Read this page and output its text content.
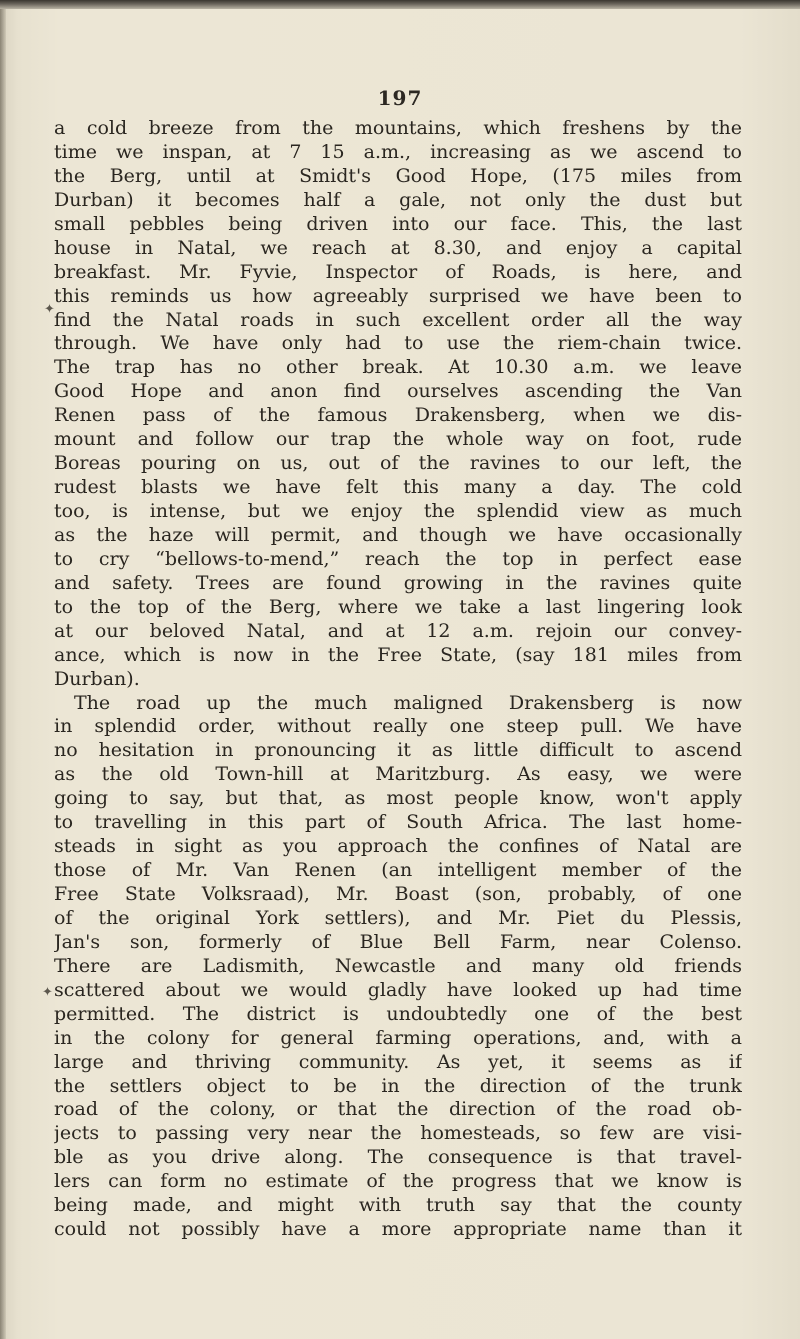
197
✦
✦
a cold breeze from the mountains, which freshens by the
time we inspan, at 7 15 a.m., increasing as we ascend to
the Berg, until at Smidt's Good Hope, (175 miles from
Durban) it becomes half a gale, not only the dust but
small pebbles being driven into our face. This, the last
house in Natal, we reach at 8.30, and enjoy a capital
breakfast. Mr. Fyvie, Inspector of Roads, is here, and
this reminds us how agreeably surprised we have been to
find the Natal roads in such excellent order all the way
through. We have only had to use the riem-chain twice.
The trap has no other break. At 10.30 a.m. we leave
Good Hope and anon find ourselves ascending the Van
Renen pass of the famous Drakensberg, when we dis-
mount and follow our trap the whole way on foot, rude
Boreas pouring on us, out of the ravines to our left, the
rudest blasts we have felt this many a day. The cold
too, is intense, but we enjoy the splendid view as much
as the haze will permit, and though we have occasionally
to cry “bellows-to-mend,” reach the top in perfect ease
and safety. Trees are found growing in the ravines quite
to the top of the Berg, where we take a last lingering look
at our beloved Natal, and at 12 a.m. rejoin our convey-
ance, which is now in the Free State, (say 181 miles from
Durban).
The road up the much maligned Drakensberg is now
in splendid order, without really one steep pull. We have
no hesitation in pronouncing it as little difficult to ascend
as the old Town-hill at Maritzburg. As easy, we were
going to say, but that, as most people know, won't apply
to travelling in this part of South Africa. The last home-
steads in sight as you approach the confines of Natal are
those of Mr. Van Renen (an intelligent member of the
Free State Volksraad), Mr. Boast (son, probably, of one
of the original York settlers), and Mr. Piet du Plessis,
Jan's son, formerly of Blue Bell Farm, near Colenso.
There are Ladismith, Newcastle and many old friends
scattered about we would gladly have looked up had time
permitted. The district is undoubtedly one of the best
in the colony for general farming operations, and, with a
large and thriving community. As yet, it seems as if
the settlers object to be in the direction of the trunk
road of the colony, or that the direction of the road ob-
jects to passing very near the homesteads, so few are visi-
ble as you drive along. The consequence is that travel-
lers can form no estimate of the progress that we know is
being made, and might with truth say that the county
could not possibly have a more appropriate name than it
